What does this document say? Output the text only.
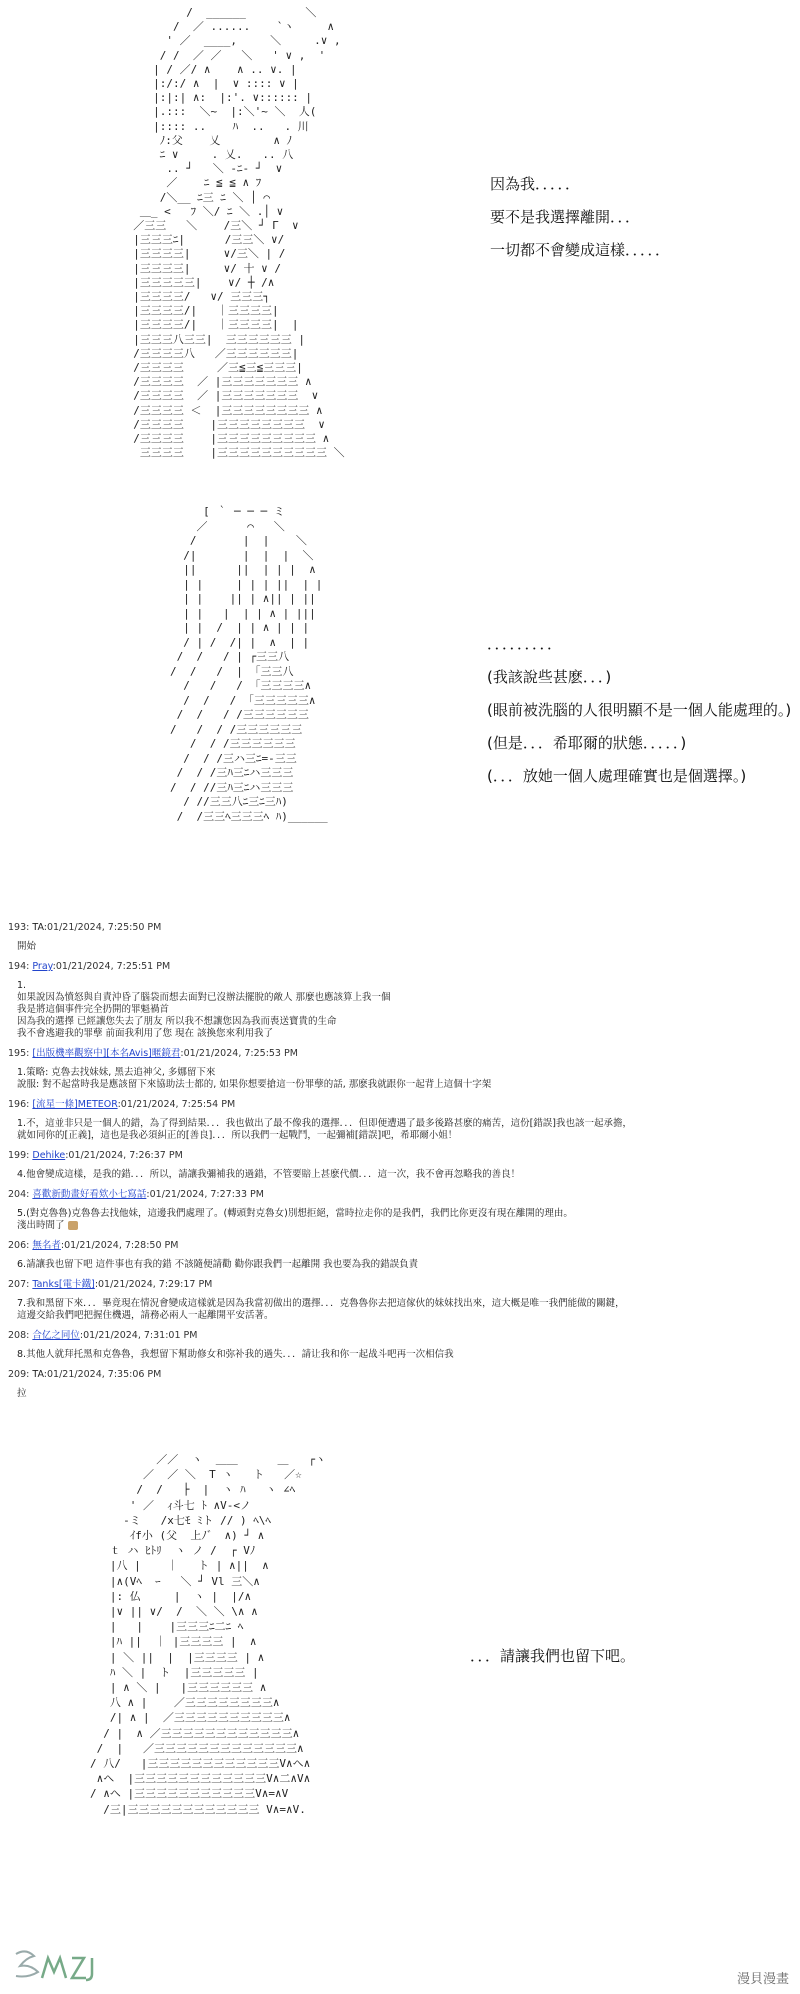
/  ______         ＼
/  ／ ......    `ヽ     ∧
' ／  ____,     ＼     .∨ ,
/ /  ／ ／   ＼   ' ∨ ,  '
| / ／/ ∧    ∧ .. ∨. |
|:/:/ ∧  |  ∨ :::: ∨ |
|:|:| ∧:  |:'. ∨:::::: |
|.:::  ＼~  |:＼'~ ＼  人(
|:::: ..    ﾊ  ..   . 川
ﾉ:父    乂        ∧ ﾉ
ﾆ ∨     . 乂.   .. 八
.. ┘   ＼ -ﾆ- ┘  ∨
／    ﾆ ≦ ≦ ∧ ﾌ
/＼__ ﾆ三 ﾆ ＼ │ ⌒
＿_ <   ﾌ ＼/ ﾆ ＼ .│ ∨
／三三   ＼    /三＼ ┘ Γ  ∨
|三三三ﾆ|      /三三＼ ∨/
|三三三三|     ∨/三＼ | /
|三三三三|     ∨/ 十 ∨ /
|三三三三三|    ∨/ ┼ /∧
|三三三三/   ∨/ 三三三┐
|三三三三/|   ｜三三三三|
|三三三三/|   ｜三三三三|  |
|三三三八三三|  三三三三三三 |
/三三三三八   ／三三三三三三|
/三三三三     ／三≦三≦三三三|
/三三三三  ／ |三三三三三三三 ∧
/三三三三  ／ |三三三三三三三  ∨
/三三三三 ＜  |三三三三三三三三 ∧
/三三三三    |三三三三三三三三  ∨
/三三三三    |三三三三三三三三三 ∧
三三三三    |三三三三三三三三三三 ＼
因為我．．．．．
要不是我選擇離開．．．
一切都不會變成這樣．．．．．
[ ｀ ─ ─ ─ ミ
／      ⌒   ＼
/       |  |    ＼
/|       |  |  |  ＼
||      ||  | | |  ∧
| |     | | | ||  | |
| |    || | ∧|| | ||
| |   |  | | ∧ | |||
| |  /  | | ∧ | | |
/ | /  /| |  ∧  | |
/  /   / | ┌三三八
/  /   /  | 「三三八
/   /   / 「三三三三∧
/  /   / 「三三三三三∧
/  /   / /三三三三三三
/   /  / /三三三三三三
/  / /三三三三三三
/  / /三ハ三ﾆ=-三三
/  / /三ﾊ三ﾆハ三三三
/  / //三ﾊ三ﾆハ三三三
/ //三三八ﾆ三ﾆ三ﾊ)
/  /三三ﾍ三三三ﾍ ﾊ)______
．．．．．．．．．
(我該說些甚麽．．．)
(眼前被洗腦的人很明顯不是一個人能處理的。)
(但是．．．希耶爾的狀態．．．．．)
(．．．放她一個人處理確實也是個選擇。)
193: TA:01/21/2024, 7:25:50 PM
開始
194: Pray:01/21/2024, 7:25:51 PM
1.
如果說因為憤怒與自責沖昏了腦袋而想去面對已沒辦法擺脫的敵人 那麼也應該算上我一個
我是將這個事件完全扔開的罪魁禍首
因為我的選擇 已經讓您失去了朋友 所以我不想讓您因為我而喪送寶貴的生命
我不會逃避我的罪孽 前面我利用了您 現在 該換您來利用我了
195: [出版機率觀察中][本名Avis]暱鏡君:01/21/2024, 7:25:53 PM
1.策略: 克魯去找妹妹, 黑去追神父, 多娜留下來
說服: 對不起當時我是應該留下來協助法士都的, 如果你想要搶這一份罪孽的話, 那麽我就跟你一起背上這個十字架
196: [流星一條]METEOR:01/21/2024, 7:25:54 PM
1.不，這並非只是一個人的錯，為了得到結果．．．我也做出了最不像我的選擇．．．但即便遭遇了最多後路甚麽的痛苦，這份[錯誤]我也該一起承擔，
就如同你的[正義]，這也是我必須糾正的[善良]．．．所以我們一起戰鬥，一起彌補[錯誤]吧，希耶爾小姐！
199: Dehike:01/21/2024, 7:26:37 PM
4.他會變成這樣，是我的錯．．．所以，請讓我彌補我的過錯，不管要賠上甚麽代價．．．這一次，我不會再忽略我的善良！
204: 喜歡新動畫好看欸小七寫話:01/21/2024, 7:27:33 PM
5.(對克魯魯)克魯魯去找他妹，這邊我們處理了。(轉頭對克魯女)別想拒絕，當時拉走你的是我們，我們比你更沒有現在離開的理由。
淺出時間了
206: 無名者:01/21/2024, 7:28:50 PM
6.請讓我也留下吧 這件事也有我的錯 不該隨便請勸 勸你跟我們一起離開 我也要為我的錯誤負責
207: Tanks[電卡鐵]:01/21/2024, 7:29:17 PM
7.我和黑留下來．．．畢竟現在情況會變成這樣就是因為我當初做出的選擇．．．克魯魯你去把這傢伙的妹妹找出來，這大概是唯一我們能做的關鍵，
這邊交給我們吧把握住機遇，請務必兩人一起離開平安活著。
208: 合亿之同位:01/21/2024, 7:31:01 PM
8.其他人就拜托黑和克魯魯，我想留下幫助修女和弥补我的過失．．．請让我和你一起战斗吧再一次相信我
209: TA:01/21/2024, 7:35:06 PM
拉
／／  ヽ  ＿＿      ＿   ┌ヽ
／  ／ ＼  Τ ヽ   ト   ／☆
/  /   ├  |  ヽ ﾊ   ヽ ∠ﾍ
' ／  ｨ斗七 ﾄ ∧V-<ノ
-ミ   /x七ﾓ ﾐト // ) ﾍ\ﾍ
ｲf小 (父  上ﾉ゛ ∧) ┘ ∧
ｔ ハ ﾋﾄﾘ  ヽ ノ /  ┌ Vﾉ
|八 |    ｜   ト | ∧||  ∧
|∧(Vﾍ  ｰ   ＼ ┘ Vl 三＼∧
|: 仏     |  ヽ |  |/∧
|∨ || ∨/  /  ＼ ＼ \∧ ∧
|   |    |三三三ﾆ二ﾆ ﾍ
|ﾊ ||  ｜ |三三三三 |  ∧
| ＼ ||  |  |三三三三 | ∧
ﾊ ＼ |  ト  |三三三三三 |
| ∧ ＼ |   |三三三三三三 ∧
八 ∧ |    ／三三三三三三三三∧
/| ∧ |  ／三三三三三三三三三三∧
/ |  ∧ ／三三三三三三三三三三三三∧
/  |   ／三三三三三三三三三三三三三∧
/ 八/   |三三三三三三三三三三三三V∧ヘ∧
∧ヘ  |三三三三三三三三三三三三V∧二∧V∧
/ ∧ヘ |三三三三三三三三三三三V∧=∧V
/三|三三三三三三三三三三三三 V∧=∧V.
．．．請讓我們也留下吧。
漫貝漫畫
